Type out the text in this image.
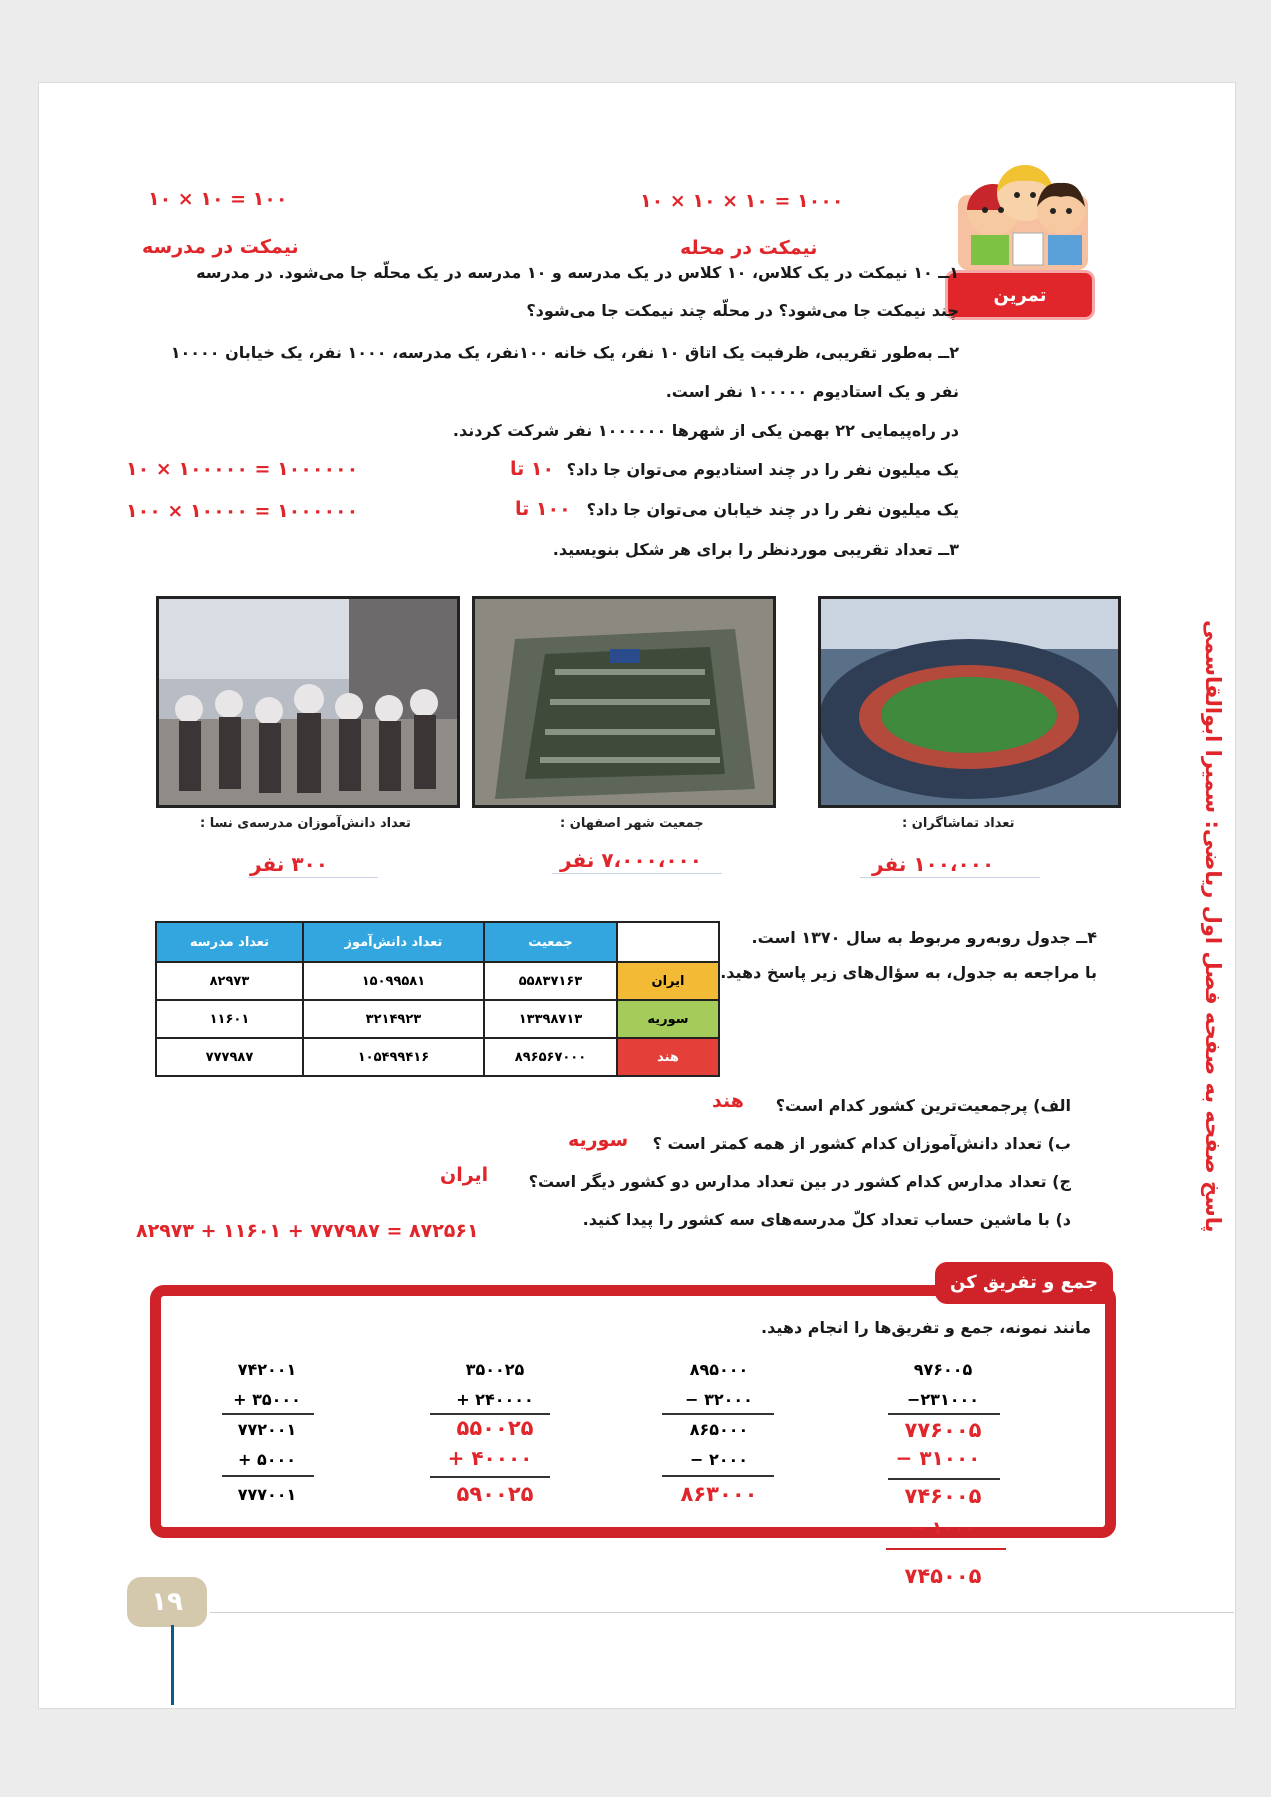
۱۰ × ۱۰ = ۱۰۰	۱۰ × ۱۰ × ۱۰ = ۱۰۰۰
نیمکت در مدرسه	نیمکت در محله
تمرین
۱ــ ۱۰ نیمکت در یک کلاس، ۱۰ کلاس در یک مدرسه و ۱۰ مدرسه در یک محلّه جا می‌شود. در مدرسه
چند نیمکت جا می‌شود؟ در محلّه چند نیمکت جا می‌شود؟
۲ــ به‌طور تقریبی، ظرفیت یک اتاق ۱۰ نفر، یک خانه ۱۰۰نفر، یک مدرسه، ۱۰۰۰ نفر، یک خیابان ۱۰۰۰۰
نفر و یک استادیوم ۱۰۰۰۰۰ نفر است.
در راه‌پیمایی ۲۲ بهمن یکی از شهرها ۱۰۰۰۰۰۰ نفر شرکت کردند.
یک میلیون نفر را در چند استادیوم می‌توان جا داد؟
۱۰ تا
یک میلیون نفر را در چند خیابان می‌توان جا داد؟
۱۰۰ تا
۳ــ تعداد تقریبی موردنظر را برای هر شکل بنویسید.
۱۰ × ۱۰۰۰۰۰ = ۱۰۰۰۰۰۰
۱۰۰ × ۱۰۰۰۰ = ۱۰۰۰۰۰۰
تعداد تماشاگران :
جمعیت شهر اصفهان :
تعداد دانش‌آموزان مدرسه‌ی نسا :
۱۰۰،۰۰۰ نفر
۷،۰۰۰،۰۰۰ نفر
۳۰۰ نفر
۴ــ جدول روبه‌رو مربوط به سال ۱۳۷۰ است.
با مراجعه به جدول، به سؤال‌های زیر پاسخ دهید.
تعداد مدرسه	تعداد دانش‌آموز	جمعیت	
۸۲۹۷۳	۱۵۰۹۹۵۸۱	۵۵۸۳۷۱۶۳	ایران
۱۱۶۰۱	۳۲۱۴۹۲۳	۱۳۳۹۸۷۱۳	سوریه
۷۷۷۹۸۷	۱۰۵۴۹۹۴۱۶	۸۹۶۵۶۷۰۰۰	هند
الف) پرجمعیت‌ترین کشور کدام است؟
هند
ب) تعداد دانش‌آموزان کدام کشور از همه کمتر است ؟
سوریه
ج) تعداد مدارس کدام کشور در بین تعداد مدارس دو کشور دیگر است؟
ایران
د) با ماشین حساب تعداد کلّ مدرسه‌های سه کشور را پیدا کنید.
۸۲۹۷۳ + ۱۱۶۰۱ + ۷۷۷۹۸۷ = ۸۷۲۵۶۱
جمع و تفریق کن
مانند نمونه، جمع و تفریق‌ها را انجام دهید.
۷۴۲۰۰۱
+ ۳۵۰۰۰
۷۷۲۰۰۱
+ ۵۰۰۰
۷۷۷۰۰۱
۳۵۰۰۲۵
+ ۲۴۰۰۰۰
۵۵۰۰۲۵
+ ۴۰۰۰۰
۵۹۰۰۲۵
۸۹۵۰۰۰
− ۳۲۰۰۰
۸۶۵۰۰۰
− ۲۰۰۰
۸۶۳۰۰۰
۹۷۶۰۰۵
−۲۳۱۰۰۰
۷۷۶۰۰۵
− ۳۱۰۰۰
۷۴۶۰۰۵
− ۱۰۰۰
۷۴۵۰۰۵
۱۹
پاسخ صفحه به صفحه فصل اول ریاضی: سمیرا ابوالقاسمی
